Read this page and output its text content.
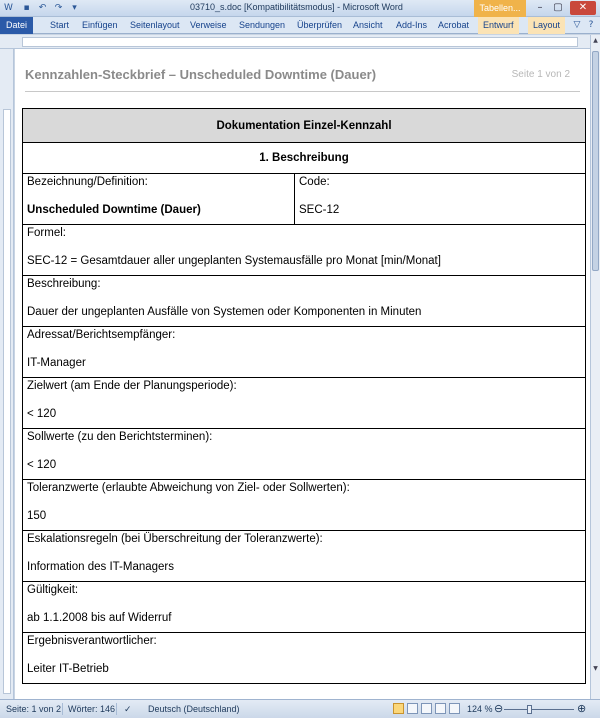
W	▪	↶ ↷	▾	03710_s.doc [Kompatibilitätsmodus] - Microsoft Word	Tabellen...	–	▢	✕
Datei	Start Einfügen Seitenlayout Verweise Sendungen Überprüfen Ansicht Add-Ins Acrobat	Entwurf	Layout	▽ ?
▲
▼
Kennzahlen-Steckbrief – Unscheduled Downtime (Dauer)	Seite 1 von 2
Dokumentation Einzel-Kennzahl
1. Beschreibung

Bezeichnung/Definition:
Unscheduled Downtime (Dauer)	
Code:
SEC-12

Formel:
SEC-12 = Gesamtdauer aller ungeplanten Systemausfälle pro Monat [min/Monat]

Beschreibung:
Dauer der ungeplanten Ausfälle von Systemen oder Komponenten in Minuten

Adressat/Berichtsempfänger:
IT-Manager

Zielwert (am Ende der Planungsperiode):
< 120

Sollwerte (zu den Berichtsterminen):
< 120

Toleranzwerte (erlaubte Abweichung von Ziel- oder Sollwerten):
150

Eskalationsregeln (bei Überschreitung der Toleranzwerte):
Information des IT-Managers

Gültigkeit:
ab 1.1.2008 bis auf Widerruf

Ergebnisverantwortlicher:
Leiter IT-Betrieb
Seite: 1 von 2 Wörter: 146 ✓ Deutsch (Deutschland)	124 % ⊖	⊕
